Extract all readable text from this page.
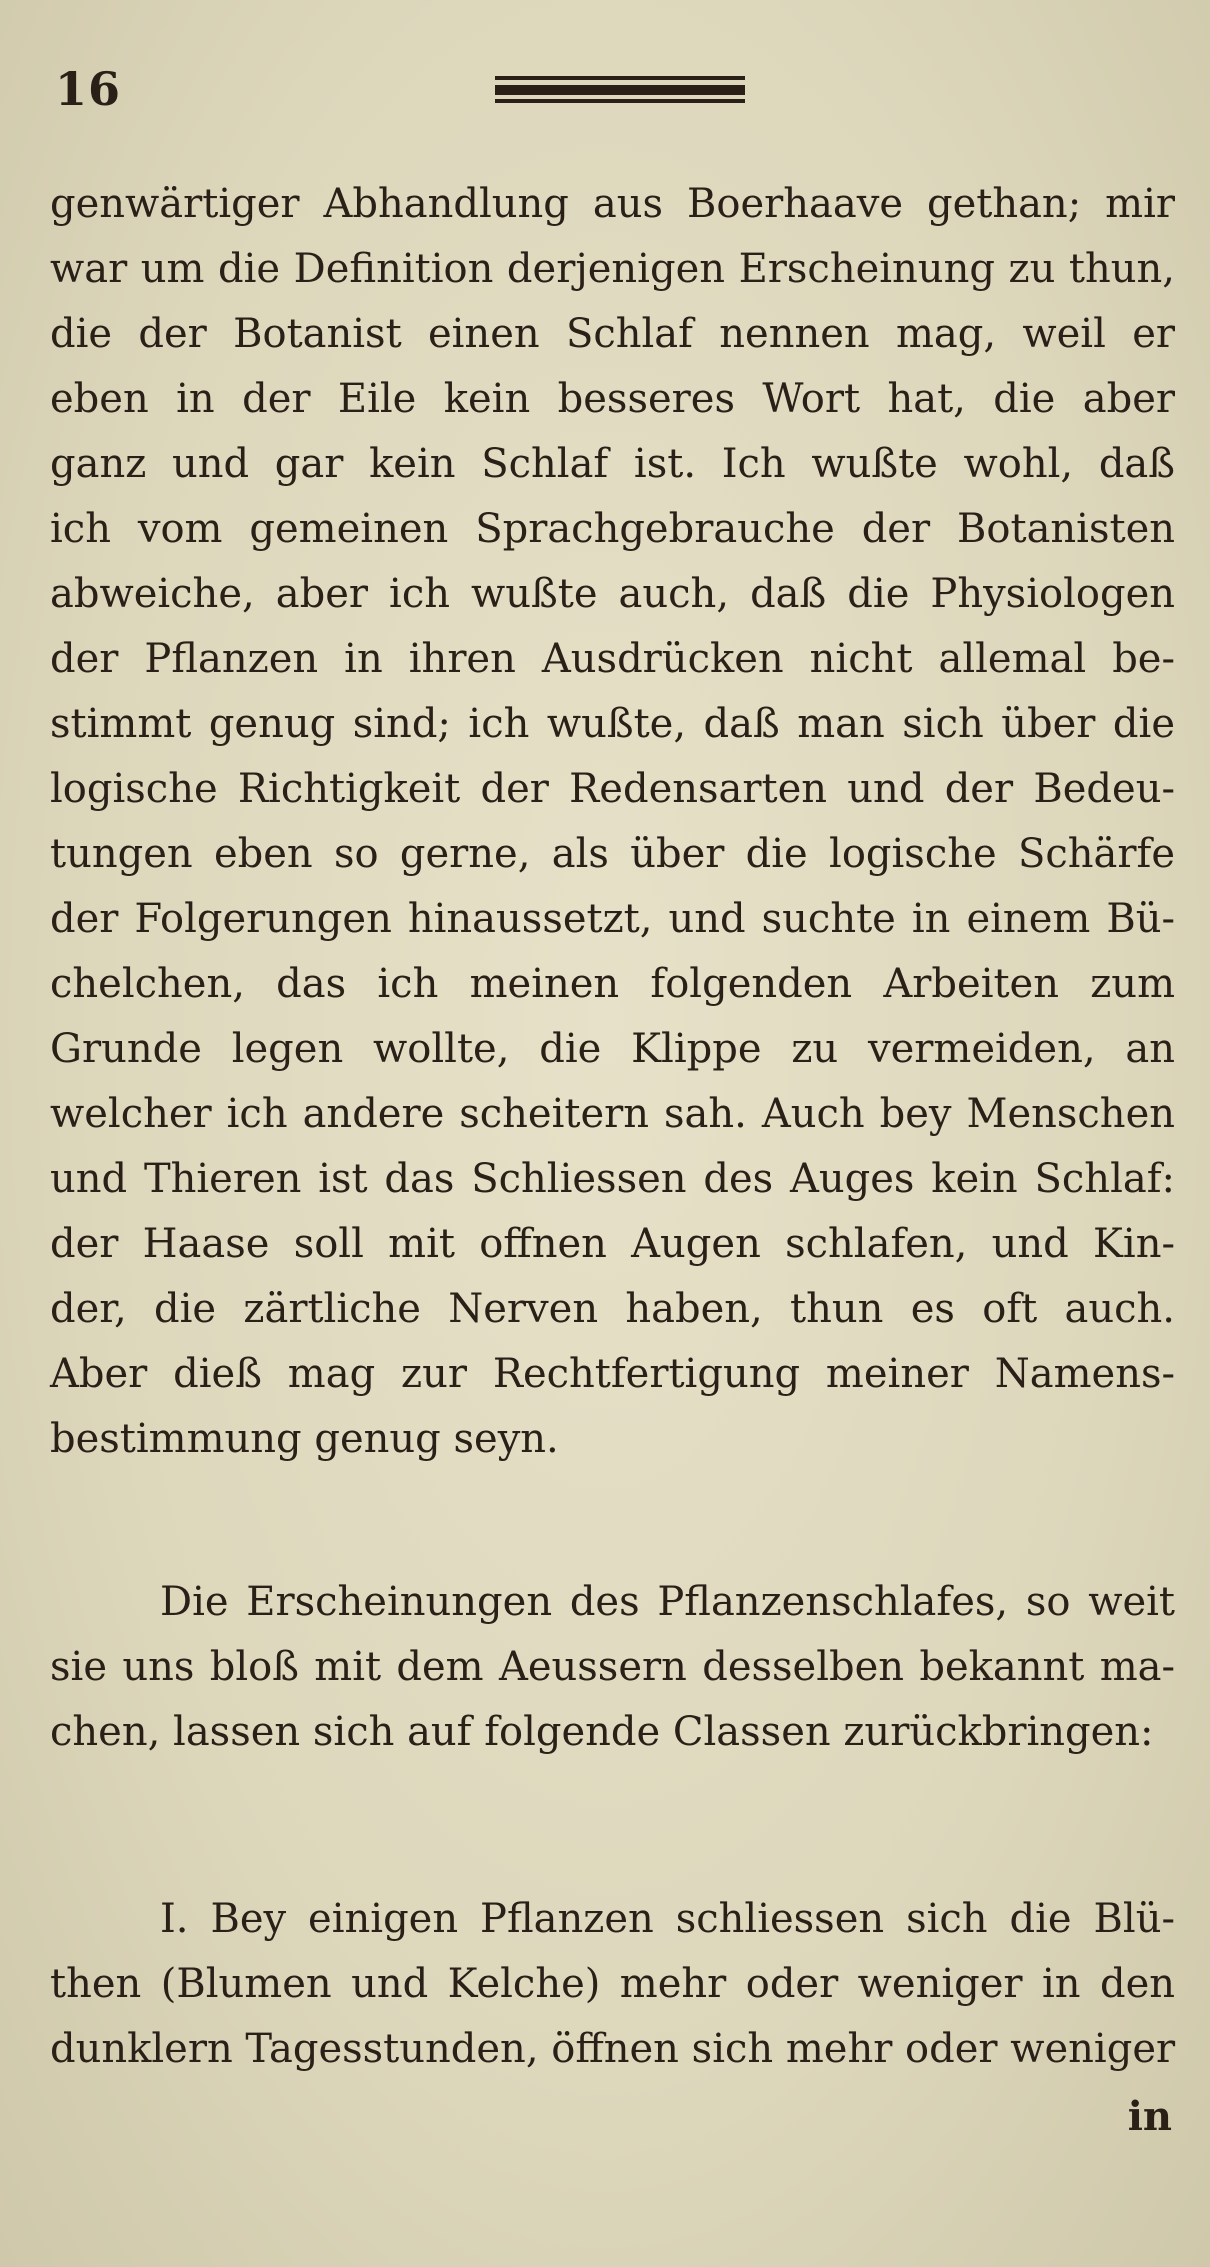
16
genwärtiger Abhandlung aus Boerhaave gethan; mir
war um die Definition derjenigen Erscheinung zu thun,
die der Botanist einen Schlaf nennen mag, weil er
eben in der Eile kein besseres Wort hat, die aber
ganz und gar kein Schlaf ist. Ich wußte wohl, daß
ich vom gemeinen Sprachgebrauche der Botanisten
abweiche, aber ich wußte auch, daß die Physiologen
der Pflanzen in ihren Ausdrücken nicht allemal be-
stimmt genug sind; ich wußte, daß man sich über die
logische Richtigkeit der Redensarten und der Bedeu-
tungen eben so gerne, als über die logische Schärfe
der Folgerungen hinaussetzt, und suchte in einem Bü-
chelchen, das ich meinen folgenden Arbeiten zum
Grunde legen wollte, die Klippe zu vermeiden, an
welcher ich andere scheitern sah. Auch bey Menschen
und Thieren ist das Schliessen des Auges kein Schlaf:
der Haase soll mit offnen Augen schlafen, und Kin-
der, die zärtliche Nerven haben, thun es oft auch.
Aber dieß mag zur Rechtfertigung meiner Namens-
bestimmung genug seyn.
Die Erscheinungen des Pflanzenschlafes, so weit
sie uns bloß mit dem Aeussern desselben bekannt ma-
chen, lassen sich auf folgende Classen zurückbringen:
I. Bey einigen Pflanzen schliessen sich die Blü-
then (Blumen und Kelche) mehr oder weniger in den
dunklern Tagesstunden, öffnen sich mehr oder weniger
in
